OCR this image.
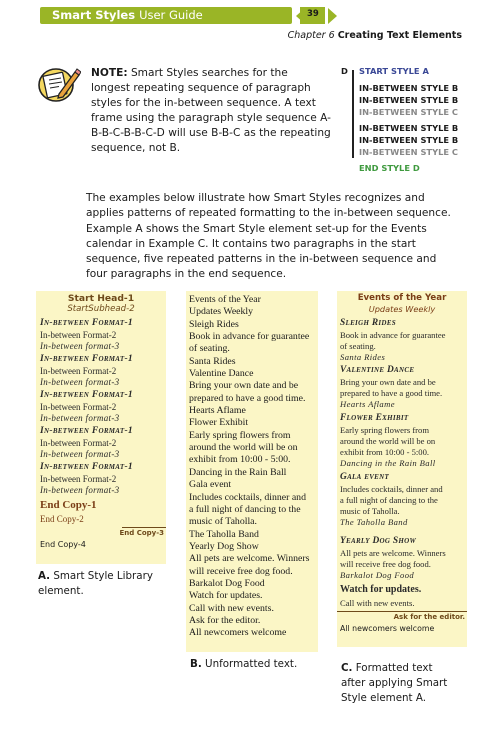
Smart Styles User Guide	39
Chapter 6 Creating Text Elements
NOTE: Smart Styles searches for the
longest repeating sequence of paragraph
styles for the in-between sequence. A text
frame using the paragraph style sequence A-
B-B-C-B-B-C-D will use B-B-C as the repeating
sequence, not B.
D START STYLE A
IN-BETWEEN STYLE B
IN-BETWEEN STYLE B
IN-BETWEEN STYLE C
IN-BETWEEN STYLE B
IN-BETWEEN STYLE B
IN-BETWEEN STYLE C
END STYLE D
The examples below illustrate how Smart Styles recognizes and
applies patterns of repeated formatting to the in-between sequence.
Example A shows the Smart Style element set-up for the Events
calendar in Example C. It contains two paragraphs in the start
sequence, five repeated patterns in the in-between sequence and
four paragraphs in the end sequence.
Start Head-1
StartSubhead-2
In-between Format-1
In-between Format-2
In-between format-3
In-between Format-1
In-between Format-2
In-between format-3
In-between Format-1
In-between Format-2
In-between format-3
In-between Format-1
In-between Format-2
In-between format-3
In-between Format-1
In-between Format-2
In-between format-3
End Copy-1
End Copy-2
End Copy-3
End Copy-4
A. Smart Style Library
element.
Events of the Year
Updates Weekly
Sleigh Rides
Book in advance for guarantee
of seating.
Santa Rides
Valentine Dance
Bring your own date and be
prepared to have a good time.
Hearts Aflame
Flower Exhibit
Early spring flowers from
around the world will be on
exhibit from 10:00 - 5:00.
Dancing in the Rain Ball
Gala event
Includes cocktails, dinner and
a full night of dancing to the
music of Taholla.
The Taholla Band
Yearly Dog Show
All pets are welcome. Winners
will receive free dog food.
Barkalot Dog Food
Watch for updates.
Call with new events.
Ask for the editor.
All newcomers welcome
B. Unformatted text.
Events of the Year
Updates Weekly
Sleigh Rides
Book in advance for guarantee
of seating.
Santa Rides
Valentine Dance
Bring your own date and be
prepared to have a good time.
Hearts Aflame
Flower Exhibit
Early spring flowers from
around the world will be on
exhibit from 10:00 - 5:00.
Dancing in the Rain Ball
Gala event
Includes cocktails, dinner and
a full night of dancing to the
music of Taholla.
The Taholla Band
Yearly Dog Show
All pets are welcome. Winners
will receive free dog food.
Barkalot Dog Food
Watch for updates.
Call with new events.
Ask for the editor.
All newcomers welcome
C. Formatted text
after applying Smart
Style element A.
